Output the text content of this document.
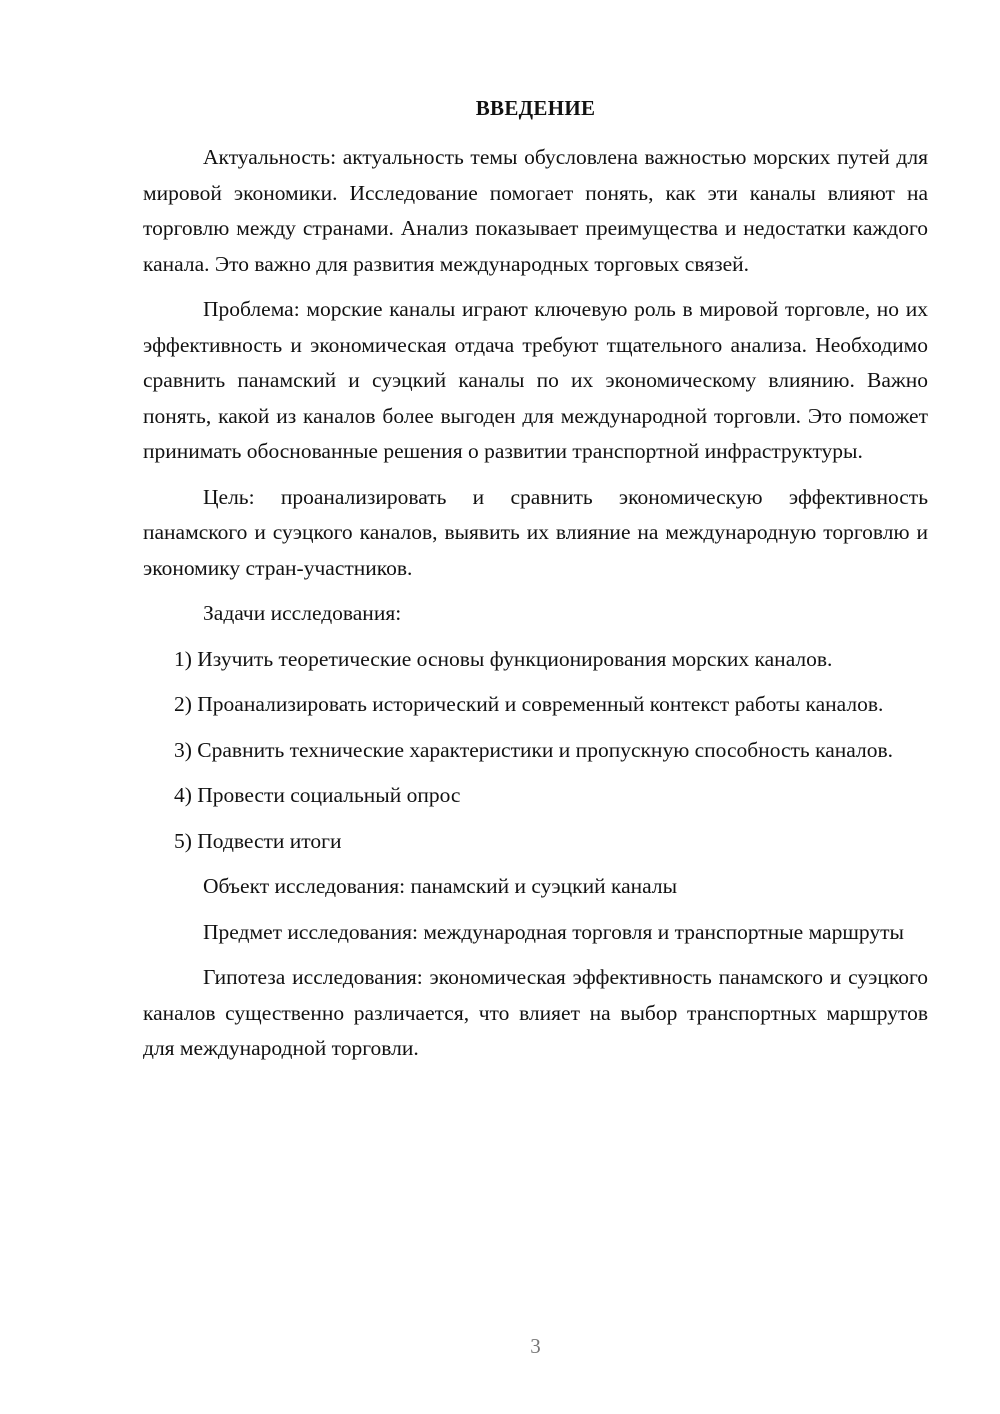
ВВЕДЕНИЕ

Актуальность: актуальность темы обусловлена важностью морских путей для мировой экономики. Исследование помогает понять, как эти каналы влияют на торговлю между странами. Анализ показывает преимущества и недостатки каждого канала. Это важно для развития международных торговых связей.

Проблема: морские каналы играют ключевую роль в мировой торговле, но их эффективность и экономическая отдача требуют тщательного анализа. Необходимо сравнить панамский и суэцкий каналы по их экономическому влиянию. Важно понять, какой из каналов более выгоден для международной торговли. Это поможет принимать обоснованные решения о развитии транспортной инфраструктуры.

Цель: проанализировать и сравнить экономическую эффективность панамского и суэцкого каналов, выявить их влияние на международную торговлю и экономику стран-участников.

Задачи исследования:

1) Изучить теоретические основы функционирования морских каналов.

2) Проанализировать исторический и современный контекст работы каналов.

3) Сравнить технические характеристики и пропускную способность каналов.

4) Провести социальный опрос

5) Подвести итоги

Объект исследования: панамский и суэцкий каналы

Предмет исследования: международная торговля и транспортные маршруты

Гипотеза исследования: экономическая эффективность панамского и суэцкого каналов существенно различается, что влияет на выбор транспортных маршрутов для международной торговли.

3
